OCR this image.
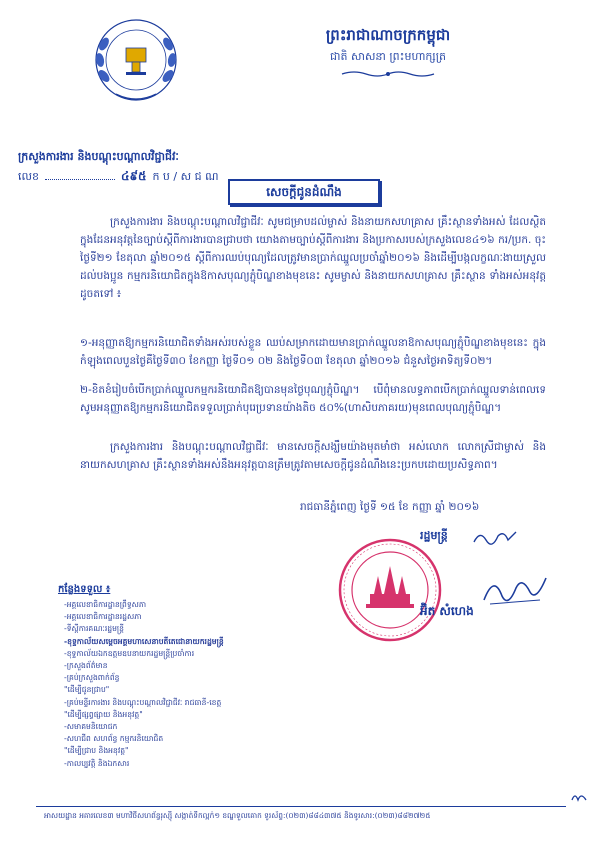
ព្រះរាជាណាចក្រកម្ពុជា
ជាតិ សាសនា ព្រះមហាក្សត្រ
ក្រសួងការងារ និងបណ្តុះបណ្តាលវិជ្ជាជីវៈ
លេខ	៤៩៥ ក ប / ស ជ ណ
សេចក្តីជូនដំណឹង
ក្រសួងការងារ និងបណ្តុះបណ្តាលវិជ្ជាជីវៈ សូមជម្រាបដល់ម្ចាស់ និងនាយកសហគ្រាស គ្រឹះស្ថានទាំងអស់ ដែលស្ថិតក្នុងដែនអនុវត្តនៃច្បាប់ស្តីពីការងារបានជ្រាបថា យោងតាមច្បាប់ស្តីពីការងារ និងប្រកាសរបស់ក្រសួងលេខ៤១៦ ករ/ប្រក. ចុះថ្ងៃទី២១ ខែតុលា ឆ្នាំ២០១៥ ស្តីពីការឈប់បុណ្យដែលត្រូវមានប្រាក់ឈ្នួលប្រចាំឆ្នាំ២០១៦ និងដើម្បីបង្កលក្ខណៈងាយស្រួលដល់បងប្អូន កម្មករនិយោជិតក្នុងឱកាសបុណ្យភ្ជុំបិណ្ឌខាងមុខនេះ សូមម្ចាស់ និងនាយកសហគ្រាស គ្រឹះស្ថាន ទាំងអស់អនុវត្តដូចតទៅ ៖
១-អនុញ្ញាតឱ្យកម្មករនិយោជិតទាំងអស់របស់ខ្លួន ឈប់សម្រាកដោយមានប្រាក់ឈ្នួលនាឱកាសបុណ្យភ្ជុំបិណ្ឌខាងមុខនេះ ក្នុងកំឡុងពេលបួនថ្ងៃគឺថ្ងៃទី៣០ ខែកញ្ញា ថ្ងៃទី០១ ០២ និងថ្ងៃទី០៣ ខែតុលា ឆ្នាំ២០១៦ ជំនួសថ្ងៃអាទិត្យទី០២។
២-ខិតខំរៀបចំបើកប្រាក់ឈ្នួលកម្មករនិយោជិតឱ្យបានមុនថ្ងៃបុណ្យភ្ជុំបិណ្ឌ។ បើពុំមានលទ្ធភាពបើកប្រាក់ឈ្នួលទាន់ពេលទេ សូមអនុញ្ញាតឱ្យកម្មករនិយោជិតទទួលប្រាក់បុរេប្រទានយ៉ាងតិច ៥០%(ហាសិបភាគរយ)មុនពេលបុណ្យភ្ជុំបិណ្ឌ។
ក្រសួងការងារ និងបណ្តុះបណ្តាលវិជ្ជាជីវៈ មានសេចក្តីសង្ឃឹមយ៉ាងមុតមាំថា អស់លោក លោកស្រីជាម្ចាស់ និងនាយកសហគ្រាស គ្រឹះស្ថានទាំងអស់នឹងអនុវត្តបានត្រឹមត្រូវតាមសេចក្តីជូនដំណឹងនេះប្រកបដោយប្រសិទ្ធភាព។
រាជធានីភ្នំពេញ ថ្ងៃទី ១៥ ខែ កញ្ញា ឆ្នាំ ២០១៦
រដ្ឋមន្ត្រី
អ៊ិត សំហេង
កន្លែងទទួល ៖
-អគ្គលេខាធិការដ្ឋានព្រឹទ្ធសភា
-អគ្គលេខាធិការដ្ឋានរដ្ឋសភា
-ទីស្តីការគណៈរដ្ឋមន្ត្រី
-ខុទ្ទកាល័យសម្តេចអគ្គមហាសេនាបតីតេជោនាយករដ្ឋមន្ត្រី
-ខុទ្ទកាល័យឯកឧត្តមឧបនាយករដ្ឋមន្ត្រីប្រចាំការ
-ក្រសួងព័ត៌មាន
-គ្រប់ក្រសួងពាក់ព័ន្ធ
"ដើម្បីជូនជ្រាប"
-គ្រប់មន្ទីរការងារ និងបណ្តុះបណ្តាលវិជ្ជាជីវៈ រាជធានី-ខេត្ត
"ដើម្បីផ្សព្វផ្សាយ និងអនុវត្ត"
-សមាគមនិយោជក
-សហជីព សហព័ន្ធ កម្មករនិយោជិត
"ដើម្បីជ្រាប និងអនុវត្ត"
-កាលប្បវត្តិ និងឯកសារ
អាសយដ្ឋាន អគារលេខ៣ មហាវិថីសហព័ន្ធរុស្ស៊ី សង្កាត់ទឹកល្អក់១ ខណ្ឌទួលគោក ទូរស័ព្ទ:(០២៣)៨៨៤៣៧៥ និងទូរសារ:(០២៣)៨៨២៧២៥
